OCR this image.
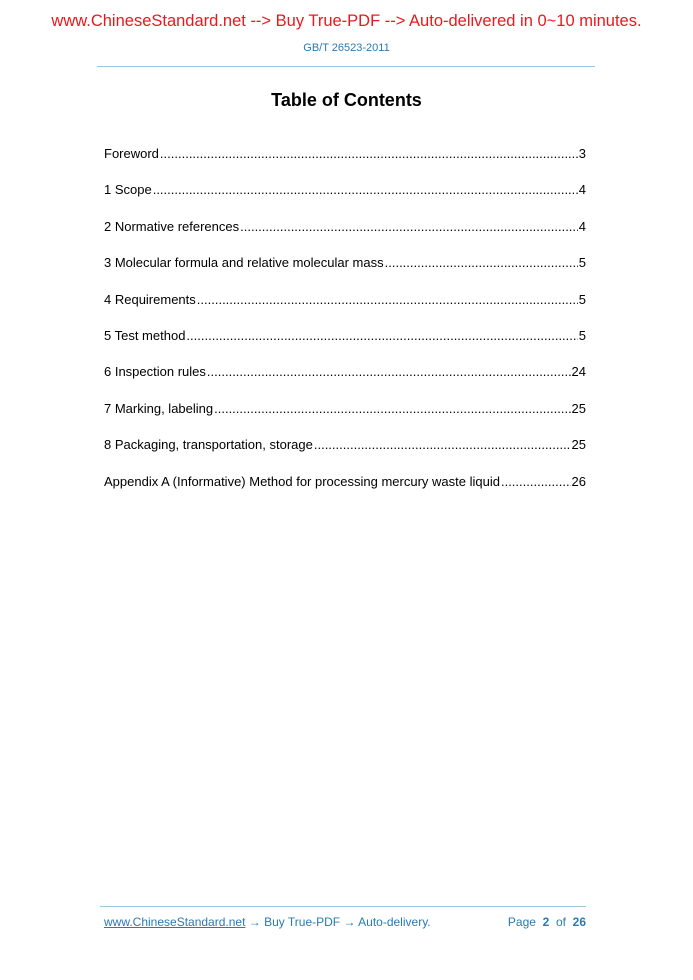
www.ChineseStandard.net --> Buy True-PDF --> Auto-delivered in 0~10 minutes.
GB/T 26523-2011
Table of Contents
Foreword .....	3
1 Scope .....	4
2 Normative references .....	4
3 Molecular formula and relative molecular mass .....	5
4 Requirements .....	5
5 Test method .....	5
6 Inspection rules .....	24
7 Marking, labeling .....	25
8 Packaging, transportation, storage .....	25
Appendix A (Informative) Method for processing mercury waste liquid .....	26
www.ChineseStandard.net → Buy True-PDF → Auto-delivery.	Page 2 of 26
